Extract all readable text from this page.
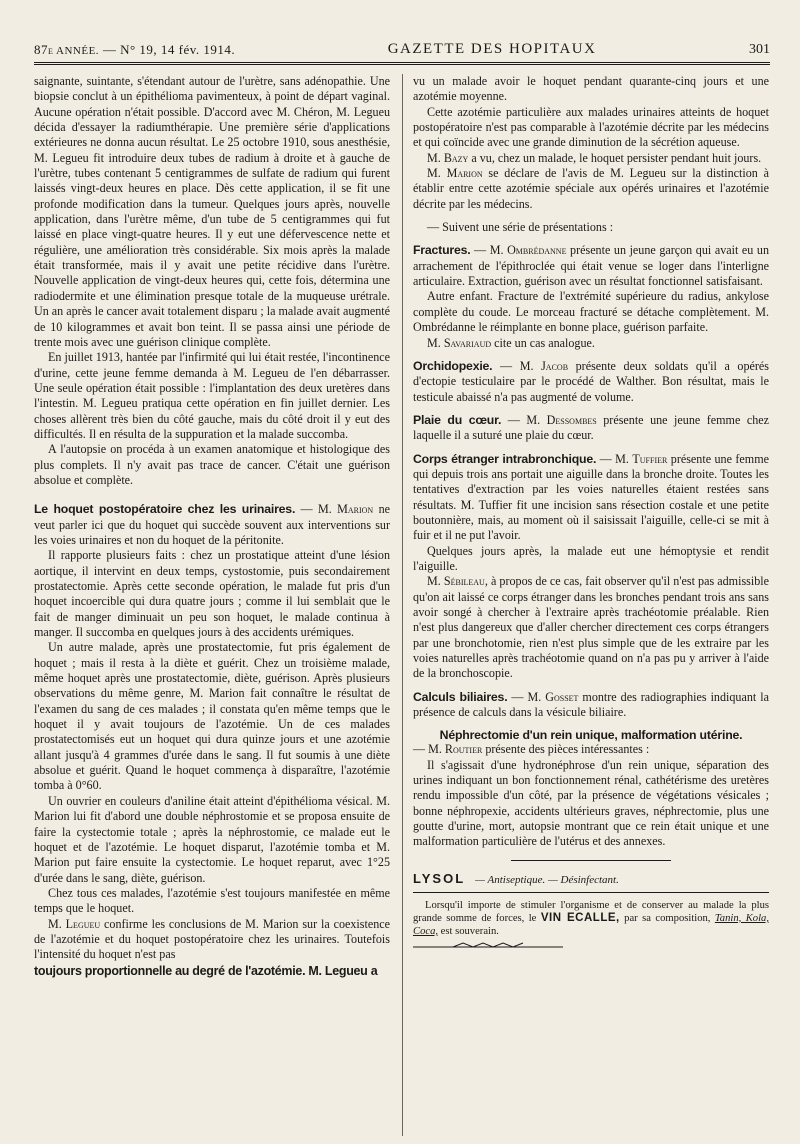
87e ANNÉE. — N° 19, 14 fév. 1914.	GAZETTE DES HOPITAUX	301

saignante, suintante, s'étendant autour de l'urètre, sans adénopathie. Une biopsie conclut à un épithélioma pavimenteux, à point de départ vaginal. Aucune opération n'était possible. D'accord avec M. Chéron, M. Legueu décida d'essayer la radiumthérapie. Une première série d'applications extérieures ne donna aucun résultat. Le 25 octobre 1910, sous anesthésie, M. Legueu fit introduire deux tubes de radium à droite et à gauche de l'urètre, tubes contenant 5 centigrammes de sulfate de radium qui furent laissés vingt-deux heures en place. Dès cette application, il se fit une profonde modification dans la tumeur. Quelques jours après, nouvelle application, dans l'urètre même, d'un tube de 5 centigrammes qui fut laissé en place vingt-quatre heures. Il y eut une défervescence nette et régulière, une amélioration très considérable. Six mois après la malade était transformée, mais il y avait une petite récidive dans l'urètre. Nouvelle application de vingt-deux heures qui, cette fois, détermina une radiodermite et une élimination presque totale de la muqueuse urétrale. Un an après le cancer avait totalement disparu ; la malade avait augmenté de 10 kilogrammes et avait bon teint. Il se passa ainsi une période de trente mois avec une guérison clinique complète.

En juillet 1913, hantée par l'infirmité qui lui était restée, l'incontinence d'urine, cette jeune femme demanda à M. Legueu de l'en débarrasser. Une seule opération était possible : l'implantation des deux uretères dans l'intestin. M. Legueu pratiqua cette opération en fin juillet dernier. Les choses allèrent très bien du côté gauche, mais du côté droit il y eut des difficultés. Il en résulta de la suppuration et la malade succomba.

A l'autopsie on procéda à un examen anatomique et histologique des plus complets. Il n'y avait pas trace de cancer. C'était une guérison absolue et complète.

Le hoquet postopératoire chez les urinaires. — M. Marion ne veut parler ici que du hoquet qui succède souvent aux interventions sur les voies urinaires et non du hoquet de la péritonite.

Il rapporte plusieurs faits : chez un prostatique atteint d'une lésion aortique, il intervint en deux temps, cystostomie, puis secondairement prostatectomie. Après cette seconde opération, le malade fut pris d'un hoquet incoercible qui dura quatre jours ; comme il lui semblait que le fait de manger diminuait un peu son hoquet, le malade continua à manger. Il succomba en quelques jours à des accidents urémiques.

Un autre malade, après une prostatectomie, fut pris également de hoquet ; mais il resta à la diète et guérit. Chez un troisième malade, même hoquet après une prostatectomie, diète, guérison. Après plusieurs observations du même genre, M. Marion fait connaître le résultat de l'examen du sang de ces malades ; il constata qu'en même temps que le hoquet il y avait toujours de l'azotémie. Un de ces malades prostatectomisés eut un hoquet qui dura quinze jours et une azotémie allant jusqu'à 4 grammes d'urée dans le sang. Il fut soumis à une diète absolue et guérit. Quand le hoquet commença à disparaître, l'azotémie tomba à 0°60.

Un ouvrier en couleurs d'aniline était atteint d'épithélioma vésical. M. Marion lui fit d'abord une double néphrostomie et se proposa ensuite de faire la cystectomie totale ; après la néphrostomie, ce malade eut le hoquet et de l'azotémie. Le hoquet disparut, l'azotémie tomba et M. Marion put faire ensuite la cystectomie. Le hoquet reparut, avec 1°25 d'urée dans le sang, diète, guérison.

Chez tous ces malades, l'azotémie s'est toujours manifestée en même temps que le hoquet.

M. Legueu confirme les conclusions de M. Marion sur la coexistence de l'azotémie et du hoquet postopératoire chez les urinaires. Toutefois l'intensité du hoquet n'est pas

toujours proportionnelle au degré de l'azotémie. M. Legueu a

vu un malade avoir le hoquet pendant quarante-cinq jours et une azotémie moyenne.

Cette azotémie particulière aux malades urinaires atteints de hoquet postopératoire n'est pas comparable à l'azotémie décrite par les médecins et qui coïncide avec une grande diminution de la sécrétion aqueuse.

M. Bazy a vu, chez un malade, le hoquet persister pendant huit jours.

M. Marion se déclare de l'avis de M. Legueu sur la distinction à établir entre cette azotémie spéciale aux opérés urinaires et l'azotémie décrite par les médecins.

— Suivent une série de présentations :

Fractures. — M. Ombrédanne présente un jeune garçon qui avait eu un arrachement de l'épithroclée qui était venue se loger dans l'interligne articulaire. Extraction, guérison avec un résultat fonctionnel satisfaisant.

Autre enfant. Fracture de l'extrémité supérieure du radius, ankylose complète du coude. Le morceau fracturé se détache complètement. M. Ombrédanne le réimplante en bonne place, guérison parfaite.

M. Savariaud cite un cas analogue.

Orchidopexie. — M. Jacob présente deux soldats qu'il a opérés d'ectopie testiculaire par le procédé de Walther. Bon résultat, mais le testicule abaissé n'a pas augmenté de volume.

Plaie du cœur. — M. Dessombes présente une jeune femme chez laquelle il a suturé une plaie du cœur.

Corps étranger intrabronchique. — M. Tuffier présente une femme qui depuis trois ans portait une aiguille dans la bronche droite. Toutes les tentatives d'extraction par les voies naturelles étaient restées sans résultats. M. Tuffier fit une incision sans résection costale et une petite boutonnière, mais, au moment où il saisissait l'aiguille, celle-ci se mit à fuir et il ne put l'avoir.

Quelques jours après, la malade eut une hémoptysie et rendit l'aiguille.

M. Sébileau, à propos de ce cas, fait observer qu'il n'est pas admissible qu'on ait laissé ce corps étranger dans les bronches pendant trois ans sans avoir songé à chercher à l'extraire après trachéotomie préalable. Rien n'est plus dangereux que d'aller chercher directement ces corps étrangers par une bronchotomie, rien n'est plus simple que de les extraire par les voies naturelles après trachéotomie quand on n'a pas pu y arriver à l'aide de la bronchoscopie.

Calculs biliaires. — M. Gosset montre des radiographies indiquant la présence de calculs dans la vésicule biliaire.

Néphrectomie d'un rein unique, malformation utérine.

— M. Routier présente des pièces intéressantes :

Il s'agissait d'une hydronéphrose d'un rein unique, séparation des urines indiquant un bon fonctionnement rénal, cathétérisme des uretères rendu impossible d'un côté, par la présence de végétations vésicales ; bonne néphropexie, accidents ultérieurs graves, néphrectomie, plus une goutte d'urine, mort, autopsie montrant que ce rein était unique et une malformation particulière de l'utérus et des annexes.

LYSOL — Antiseptique. — Désinfectant.

Lorsqu'il importe de stimuler l'organisme et de conserver au malade la plus grande somme de forces, le VIN ECALLE, par sa composition, Tanin, Kola, Coca, est souverain.
